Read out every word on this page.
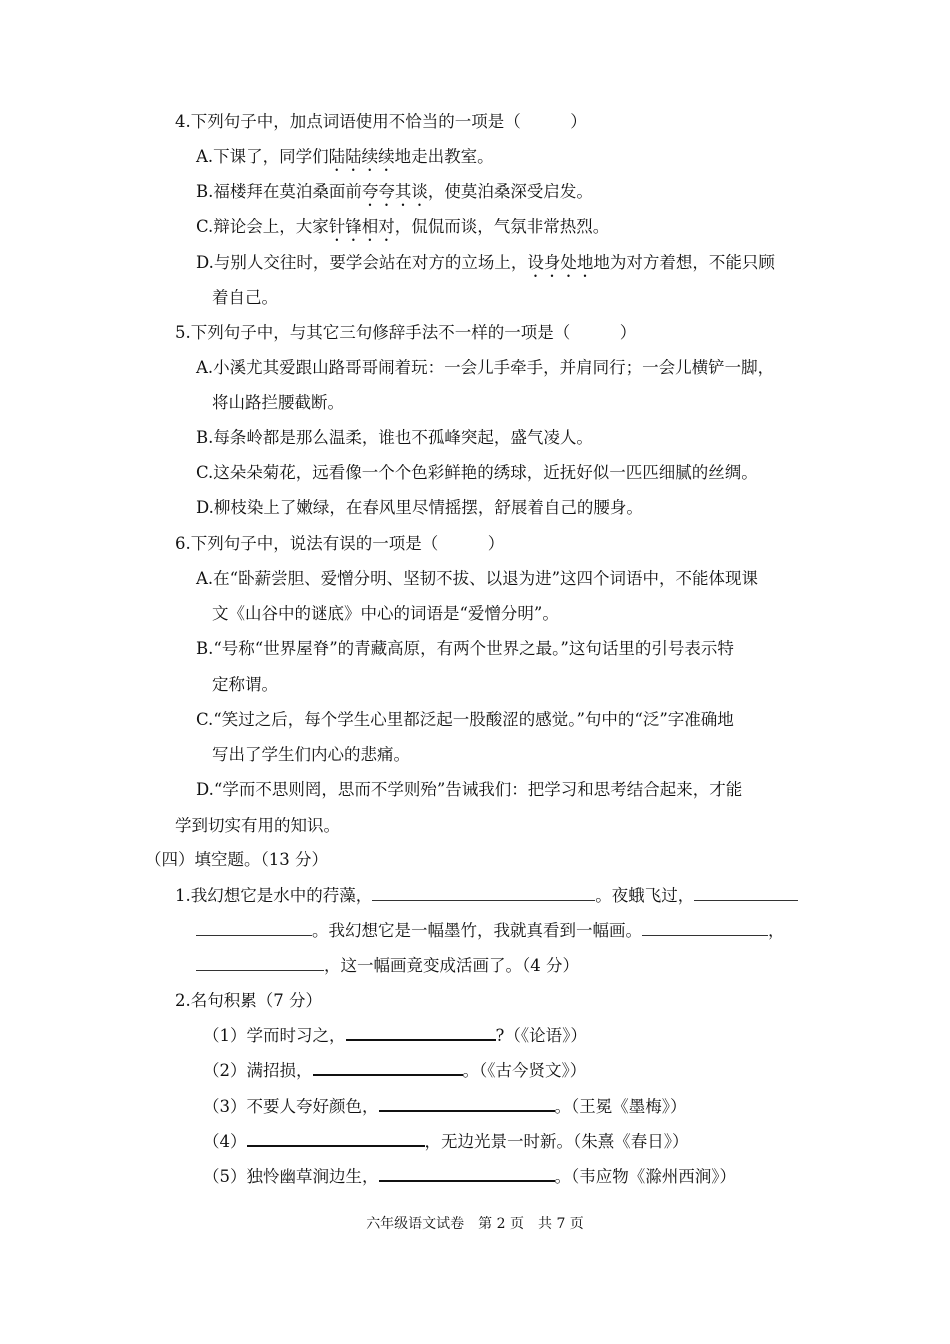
4.下列句子中，加点词语使用不恰当的一项是（　　　）
A.下课了，同学们陆陆续续地走出教室。
B.福楼拜在莫泊桑面前夸夸其谈，使莫泊桑深受启发。
C.辩论会上，大家针锋相对，侃侃而谈，气氛非常热烈。
D.与别人交往时，要学会站在对方的立场上，设身处地地为对方着想，不能只顾
着自己。
5.下列句子中，与其它三句修辞手法不一样的一项是（　　　）
A.小溪尤其爱跟山路哥哥闹着玩：一会儿手牵手，并肩同行；一会儿横铲一脚，
将山路拦腰截断。
B.每条岭都是那么温柔，谁也不孤峰突起，盛气凌人。
C.这朵朵菊花，远看像一个个色彩鲜艳的绣球，近抚好似一匹匹细腻的丝绸。
D.柳枝染上了嫩绿，在春风里尽情摇摆，舒展着自己的腰身。
6.下列句子中，说法有误的一项是（　　　）
A.在“卧薪尝胆、爱憎分明、坚韧不拔、以退为进”这四个词语中，不能体现课
文《山谷中的谜底》中心的词语是“爱憎分明”。
B.“号称“世界屋脊”的青藏高原，有两个世界之最。”这句话里的引号表示特
定称谓。
C.“笑过之后，每个学生心里都泛起一股酸涩的感觉。”句中的“泛”字准确地
写出了学生们内心的悲痛。
D.“学而不思则罔，思而不学则殆”告诫我们：把学习和思考结合起来，才能
学到切实有用的知识。
（四）填空题。（13 分）
1.我幻想它是水中的荇藻，	。夜蛾飞过，
。我幻想它是一幅墨竹，我就真看到一幅画。	，
，这一幅画竟变成活画了。（4 分）
2.名句积累（7 分）
（1）学而时习之，	?（《论语》）
（2）满招损，	。（《古今贤文》）
（3）不要人夸好颜色，	。（王冕《墨梅》）
（4）	，无边光景一时新。（朱熹《春日》）
（5）独怜幽草涧边生，	。（韦应物《滁州西涧》）
六年级语文试卷　第 2 页　共 7 页
